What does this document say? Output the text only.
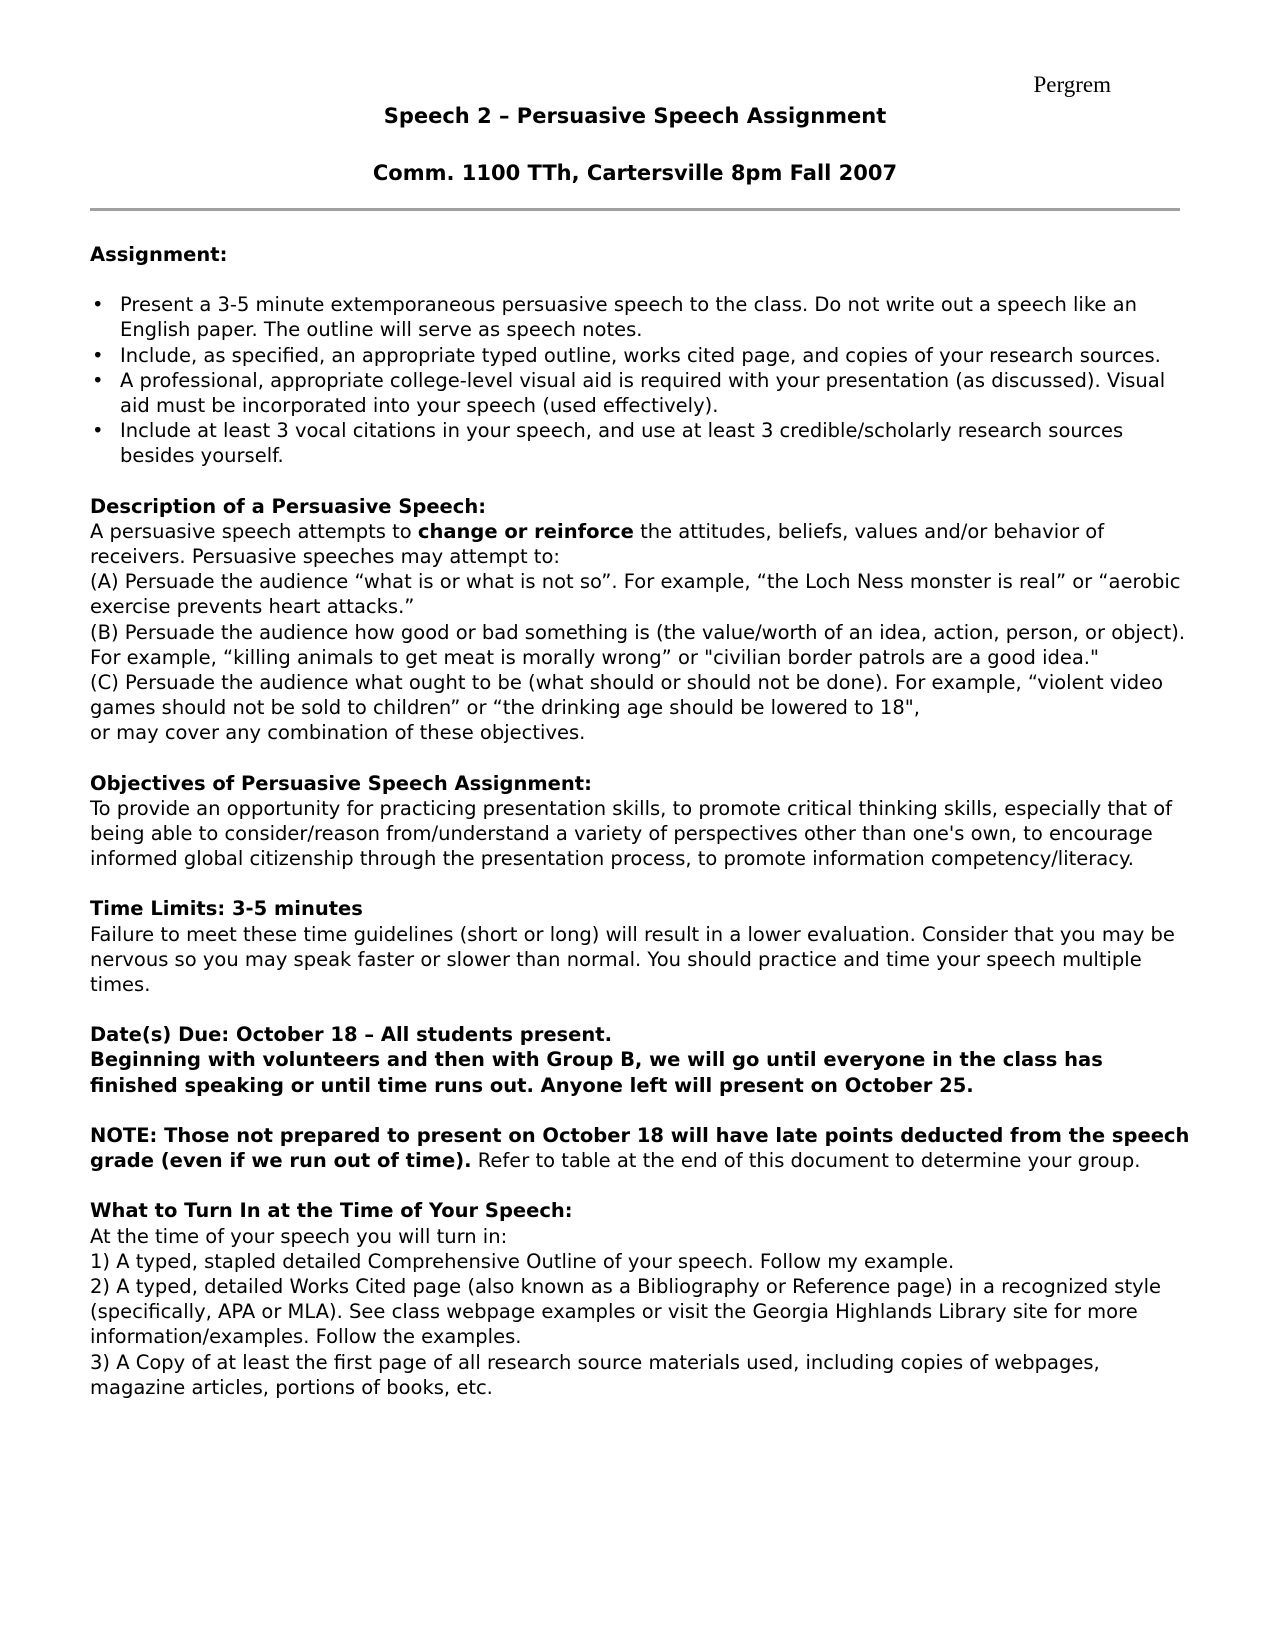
Pergrem
Speech 2 – Persuasive Speech Assignment
Comm. 1100 TTh, Cartersville 8pm Fall 2007

Assignment:

• Present a 3-5 minute extemporaneous persuasive speech to the class. Do not write out a speech like an English paper. The outline will serve as speech notes.
• Include, as specified, an appropriate typed outline, works cited page, and copies of your research sources.
• A professional, appropriate college-level visual aid is required with your presentation (as discussed). Visual aid must be incorporated into your speech (used effectively).
• Include at least 3 vocal citations in your speech, and use at least 3 credible/scholarly research sources besides yourself.

Description of a Persuasive Speech:

A persuasive speech attempts to change or reinforce the attitudes, beliefs, values and/or behavior of receivers. Persuasive speeches may attempt to:

(A) Persuade the audience “what is or what is not so”. For example, “the Loch Ness monster is real” or “aerobic exercise prevents heart attacks.”

(B) Persuade the audience how good or bad something is (the value/worth of an idea, action, person, or object). For example, “killing animals to get meat is morally wrong” or "civilian border patrols are a good idea."

(C) Persuade the audience what ought to be (what should or should not be done). For example, “violent video games should not be sold to children” or “the drinking age should be lowered to 18",

or may cover any combination of these objectives.

Objectives of Persuasive Speech Assignment:

To provide an opportunity for practicing presentation skills, to promote critical thinking skills, especially that of being able to consider/reason from/understand a variety of perspectives other than one's own, to encourage informed global citizenship through the presentation process, to promote information competency/literacy.

Time Limits: 3-5 minutes

Failure to meet these time guidelines (short or long) will result in a lower evaluation. Consider that you may be nervous so you may speak faster or slower than normal. You should practice and time your speech multiple times.

Date(s) Due: October 18 – All students present.

Beginning with volunteers and then with Group B, we will go until everyone in the class has finished speaking or until time runs out. Anyone left will present on October 25.

NOTE: Those not prepared to present on October 18 will have late points deducted from the speech grade (even if we run out of time). Refer to table at the end of this document to determine your group.

What to Turn In at the Time of Your Speech:

At the time of your speech you will turn in:

1) A typed, stapled detailed Comprehensive Outline of your speech. Follow my example.

2) A typed, detailed Works Cited page (also known as a Bibliography or Reference page) in a recognized style (specifically, APA or MLA). See class webpage examples or visit the Georgia Highlands Library site for more information/examples. Follow the examples.

3) A Copy of at least the first page of all research source materials used, including copies of webpages, magazine articles, portions of books, etc.
